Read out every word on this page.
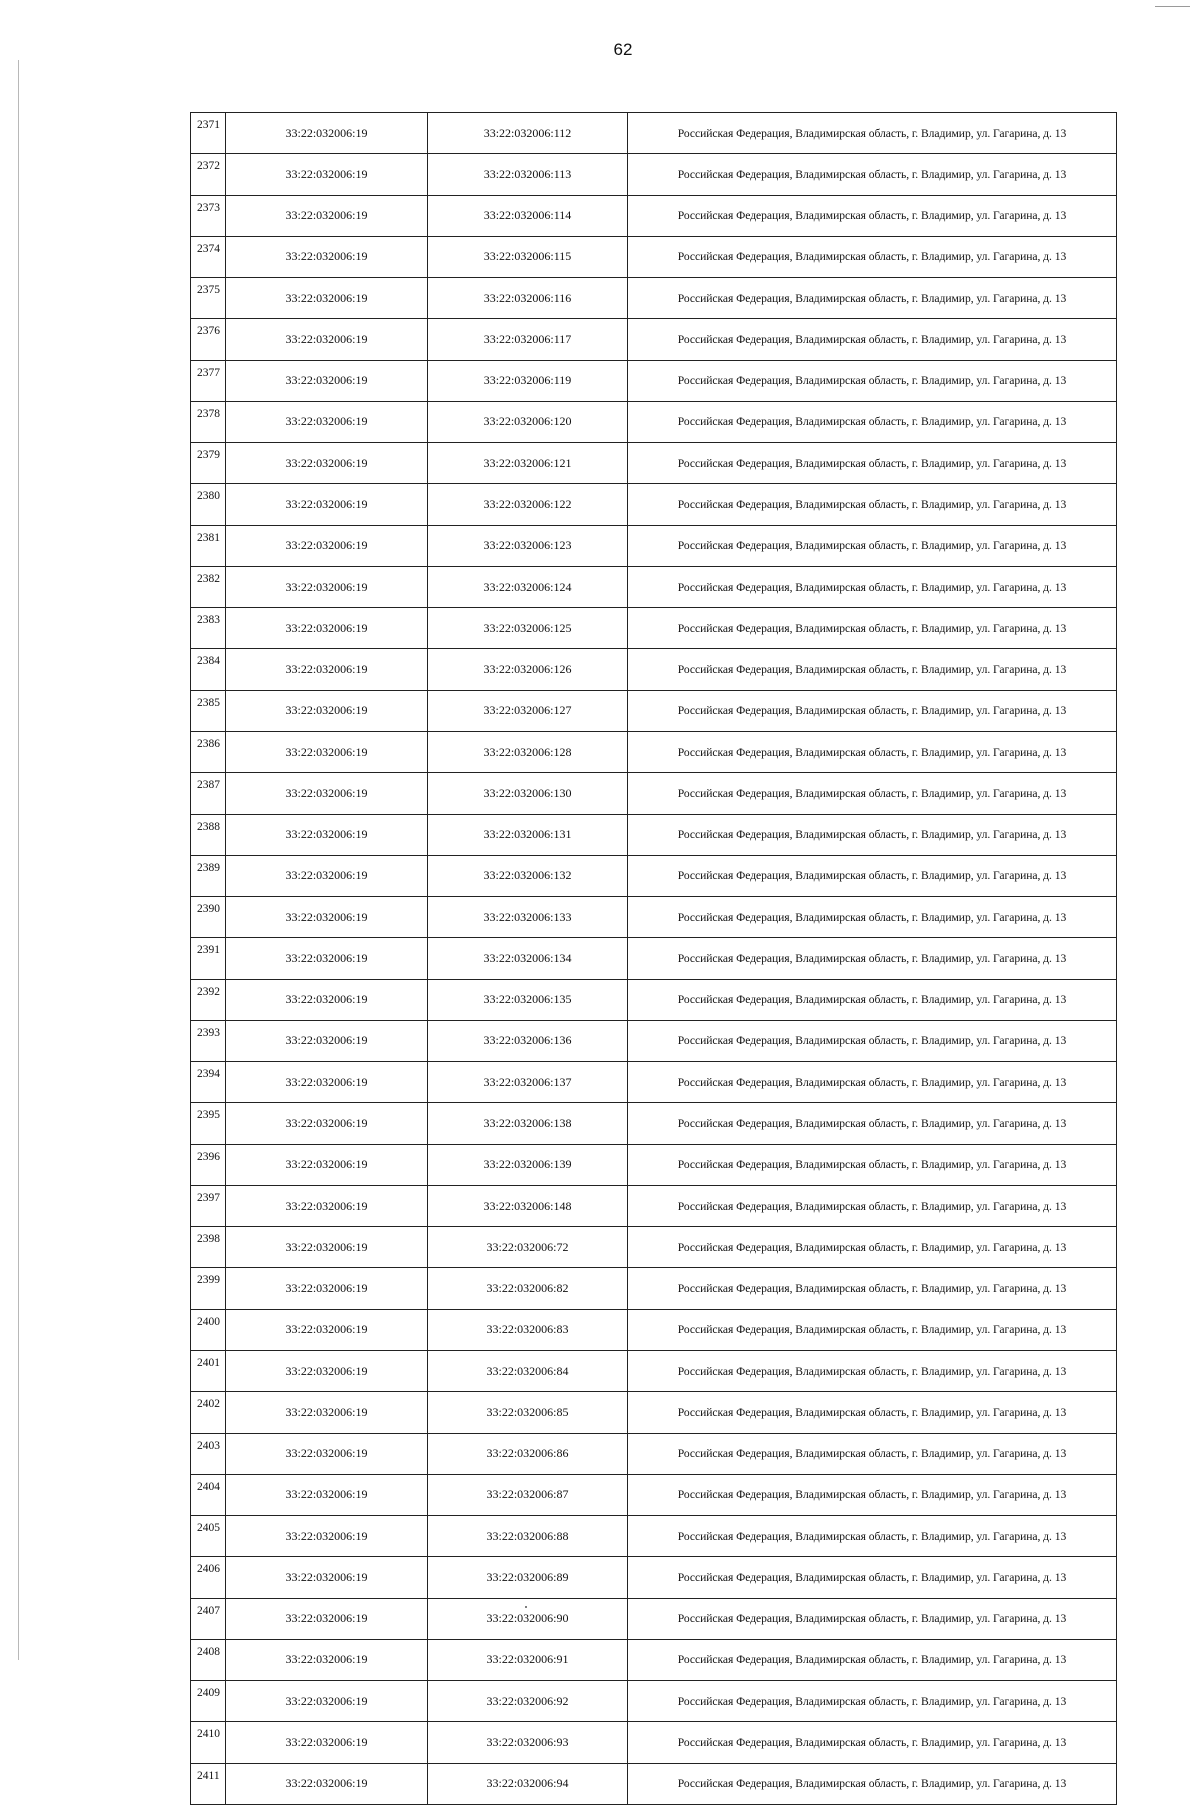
62
2371	33:22:032006:19	33:22:032006:112	Российская Федерация, Владимирская область, г. Владимир, ул. Гагарина, д. 13
2372	33:22:032006:19	33:22:032006:113	Российская Федерация, Владимирская область, г. Владимир, ул. Гагарина, д. 13
2373	33:22:032006:19	33:22:032006:114	Российская Федерация, Владимирская область, г. Владимир, ул. Гагарина, д. 13
2374	33:22:032006:19	33:22:032006:115	Российская Федерация, Владимирская область, г. Владимир, ул. Гагарина, д. 13
2375	33:22:032006:19	33:22:032006:116	Российская Федерация, Владимирская область, г. Владимир, ул. Гагарина, д. 13
2376	33:22:032006:19	33:22:032006:117	Российская Федерация, Владимирская область, г. Владимир, ул. Гагарина, д. 13
2377	33:22:032006:19	33:22:032006:119	Российская Федерация, Владимирская область, г. Владимир, ул. Гагарина, д. 13
2378	33:22:032006:19	33:22:032006:120	Российская Федерация, Владимирская область, г. Владимир, ул. Гагарина, д. 13
2379	33:22:032006:19	33:22:032006:121	Российская Федерация, Владимирская область, г. Владимир, ул. Гагарина, д. 13
2380	33:22:032006:19	33:22:032006:122	Российская Федерация, Владимирская область, г. Владимир, ул. Гагарина, д. 13
2381	33:22:032006:19	33:22:032006:123	Российская Федерация, Владимирская область, г. Владимир, ул. Гагарина, д. 13
2382	33:22:032006:19	33:22:032006:124	Российская Федерация, Владимирская область, г. Владимир, ул. Гагарина, д. 13
2383	33:22:032006:19	33:22:032006:125	Российская Федерация, Владимирская область, г. Владимир, ул. Гагарина, д. 13
2384	33:22:032006:19	33:22:032006:126	Российская Федерация, Владимирская область, г. Владимир, ул. Гагарина, д. 13
2385	33:22:032006:19	33:22:032006:127	Российская Федерация, Владимирская область, г. Владимир, ул. Гагарина, д. 13
2386	33:22:032006:19	33:22:032006:128	Российская Федерация, Владимирская область, г. Владимир, ул. Гагарина, д. 13
2387	33:22:032006:19	33:22:032006:130	Российская Федерация, Владимирская область, г. Владимир, ул. Гагарина, д. 13
2388	33:22:032006:19	33:22:032006:131	Российская Федерация, Владимирская область, г. Владимир, ул. Гагарина, д. 13
2389	33:22:032006:19	33:22:032006:132	Российская Федерация, Владимирская область, г. Владимир, ул. Гагарина, д. 13
2390	33:22:032006:19	33:22:032006:133	Российская Федерация, Владимирская область, г. Владимир, ул. Гагарина, д. 13
2391	33:22:032006:19	33:22:032006:134	Российская Федерация, Владимирская область, г. Владимир, ул. Гагарина, д. 13
2392	33:22:032006:19	33:22:032006:135	Российская Федерация, Владимирская область, г. Владимир, ул. Гагарина, д. 13
2393	33:22:032006:19	33:22:032006:136	Российская Федерация, Владимирская область, г. Владимир, ул. Гагарина, д. 13
2394	33:22:032006:19	33:22:032006:137	Российская Федерация, Владимирская область, г. Владимир, ул. Гагарина, д. 13
2395	33:22:032006:19	33:22:032006:138	Российская Федерация, Владимирская область, г. Владимир, ул. Гагарина, д. 13
2396	33:22:032006:19	33:22:032006:139	Российская Федерация, Владимирская область, г. Владимир, ул. Гагарина, д. 13
2397	33:22:032006:19	33:22:032006:148	Российская Федерация, Владимирская область, г. Владимир, ул. Гагарина, д. 13
2398	33:22:032006:19	33:22:032006:72	Российская Федерация, Владимирская область, г. Владимир, ул. Гагарина, д. 13
2399	33:22:032006:19	33:22:032006:82	Российская Федерация, Владимирская область, г. Владимир, ул. Гагарина, д. 13
2400	33:22:032006:19	33:22:032006:83	Российская Федерация, Владимирская область, г. Владимир, ул. Гагарина, д. 13
2401	33:22:032006:19	33:22:032006:84	Российская Федерация, Владимирская область, г. Владимир, ул. Гагарина, д. 13
2402	33:22:032006:19	33:22:032006:85	Российская Федерация, Владимирская область, г. Владимир, ул. Гагарина, д. 13
2403	33:22:032006:19	33:22:032006:86	Российская Федерация, Владимирская область, г. Владимир, ул. Гагарина, д. 13
2404	33:22:032006:19	33:22:032006:87	Российская Федерация, Владимирская область, г. Владимир, ул. Гагарина, д. 13
2405	33:22:032006:19	33:22:032006:88	Российская Федерация, Владимирская область, г. Владимир, ул. Гагарина, д. 13
2406	33:22:032006:19	33:22:032006:89	Российская Федерация, Владимирская область, г. Владимир, ул. Гагарина, д. 13
2407	33:22:032006:19	33:22:032006:90	Российская Федерация, Владимирская область, г. Владимир, ул. Гагарина, д. 13
2408	33:22:032006:19	33:22:032006:91	Российская Федерация, Владимирская область, г. Владимир, ул. Гагарина, д. 13
2409	33:22:032006:19	33:22:032006:92	Российская Федерация, Владимирская область, г. Владимир, ул. Гагарина, д. 13
2410	33:22:032006:19	33:22:032006:93	Российская Федерация, Владимирская область, г. Владимир, ул. Гагарина, д. 13
2411	33:22:032006:19	33:22:032006:94	Российская Федерация, Владимирская область, г. Владимир, ул. Гагарина, д. 13
